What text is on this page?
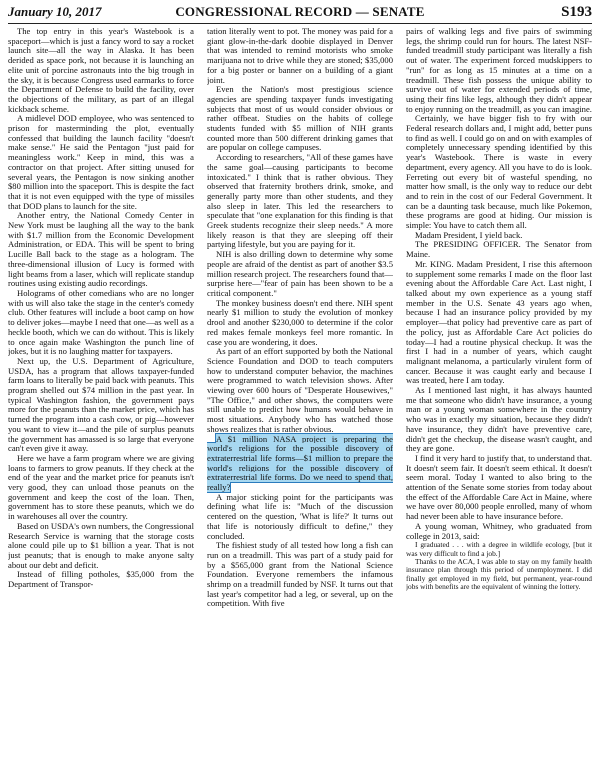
January 10, 2017	CONGRESSIONAL RECORD — SENATE	S193

The top entry in this year's Wastebook is a spaceport—which is just a fancy word to say a rocket launch site—all the way in Alaska. It has been derided as space pork, not because it is launching an elite unit of porcine astronauts into the big trough in the sky, it is because Congress used earmarks to force the Department of Defense to build the facility, over the objections of the military, as part of an illegal kickback scheme.

A midlevel DOD employee, who was sentenced to prison for masterminding the plot, eventually confessed that building the launch facility "doesn't make sense." He said the Pentagon "just paid for meaningless work." Keep in mind, this was a contractor on that project. After sitting unused for several years, the Pentagon is now sinking another $80 million into the spaceport. This is despite the fact that it is not even equipped with the type of missiles that DOD plans to launch for the site.

Another entry, the National Comedy Center in New York must be laughing all the way to the bank with $1.7 million from the Economic Development Administration, or EDA. This will be spent to bring Lucille Ball back to the stage as a hologram. The three-dimensional illusion of Lucy is formed with light beams from a laser, which will replicate standup routines using existing audio recordings.

Holograms of other comedians who are no longer with us will also take the stage in the center's comedy club. Other features will include a boot camp on how to deliver jokes—maybe I need that one—as well as a heckle booth, which we can do without. This is likely to once again make Washington the punch line of jokes, but it is no laughing matter for taxpayers.

Next up, the U.S. Department of Agriculture, USDA, has a program that allows taxpayer-funded farm loans to literally be paid back with peanuts. This program shelled out $74 million in the past year. In typical Washington fashion, the government pays more for the peanuts than the market price, which has turned the program into a cash cow, or pig—however you want to view it—and the pile of surplus peanuts the government has amassed is so large that everyone can't even give it away.

Here we have a farm program where we are giving loans to farmers to grow peanuts. If they check at the end of the year and the market price for peanuts isn't very good, they can unload those peanuts on the government and keep the cost of the loan. Then, government has to store these peanuts, which we do in warehouses all over the country.

Based on USDA's own numbers, the Congressional Research Service is warning that the storage costs alone could pile up to $1 billion a year. That is not just peanuts; that is enough to make anyone salty about our debt and deficit.

Instead of filling potholes, $35,000 from the Department of Transpor-

tation literally went to pot. The money was paid for a giant glow-in-the-dark doobie displayed in Denver that was intended to remind motorists who smoke marijuana not to drive while they are stoned; $35,000 for a big poster or banner on a building of a giant joint.

Even the Nation's most prestigious science agencies are spending taxpayer funds investigating subjects that most of us would consider obvious or rather offbeat. Studies on the habits of college students funded with $5 million of NIH grants counted more than 500 different drinking games that are popular on college campuses.

According to researchers, "All of these games have the same goal—causing participants to become intoxicated." I think that is rather obvious. They observed that fraternity brothers drink, smoke, and generally party more than other students, and they also sleep in later. This led the researchers to speculate that "one explanation for this finding is that Greek students recognize their sleep needs." A more likely reason is that they are sleeping off their partying lifestyle, but you are paying for it.

NIH is also drilling down to determine why some people are afraid of the dentist as part of another $3.5 million research project. The researchers found that—surprise here—"fear of pain has been shown to be a critical component."

The monkey business doesn't end there. NIH spent nearly $1 million to study the evolution of monkey drool and another $230,000 to determine if the color red makes female monkeys feel more romantic. In case you are wondering, it does.

As part of an effort supported by both the National Science Foundation and DOD to teach computers how to understand computer behavior, the machines were programmed to watch television shows. After viewing over 600 hours of "Desperate Housewives," "The Office," and other shows, the computers were still unable to predict how humans would behave in most situations. Anybody who has watched those shows realizes that is rather obvious.

A $1 million NASA project is preparing the world's religions for the possible discovery of extraterrestrial life forms—$1 million to prepare the world's religions for the possible discovery of extraterrestrial life forms. Do we need to spend that, really?

A major sticking point for the participants was defining what life is: "Much of the discussion centered on the question, 'What is life?' It turns out that life is notoriously difficult to define," they concluded.

The fishiest study of all tested how long a fish can run on a treadmill. This was part of a study paid for by a $565,000 grant from the National Science Foundation. Everyone remembers the infamous shrimp on a treadmill funded by NSF. It turns out that last year's competitor had a leg, or several, up on the competition. With five

pairs of walking legs and five pairs of swimming legs, the shrimp could run for hours. The latest NSF-funded treadmill study participant was literally a fish out of water. The experiment forced mudskippers to "run" for as long as 15 minutes at a time on a treadmill. These fish possess the unique ability to survive out of water for extended periods of time, using their fins like legs, although they didn't appear to enjoy running on the treadmill, as you can imagine.

Certainly, we have bigger fish to fry with our Federal research dollars and, I might add, better puns to find as well. I could go on and on with examples of completely unnecessary spending identified by this year's Wastebook. There is waste in every department, every agency. All you have to do is look. Ferreting out every bit of wasteful spending, no matter how small, is the only way to reduce our debt and to rein in the cost of our Federal Government. It can be a daunting task because, much like Pokemon, these programs are good at hiding. Our mission is simple: You have to catch them all.

Madam President, I yield back.

The PRESIDING OFFICER. The Senator from Maine.

Mr. KING. Madam President, I rise this afternoon to supplement some remarks I made on the floor last evening about the Affordable Care Act. Last night, I talked about my own experience as a young staff member in the U.S. Senate 43 years ago when, because I had an insurance policy provided by my employer—that policy had preventive care as part of the policy, just as Affordable Care Act policies do today—I had a routine physical checkup. It was the first I had in a number of years, which caught malignant melanoma, a particularly virulent form of cancer. Because it was caught early and because I was treated, here I am today.

As I mentioned last night, it has always haunted me that someone who didn't have insurance, a young man or a young woman somewhere in the country who was in exactly my situation, because they didn't have insurance, they didn't have preventive care, didn't get the checkup, the disease wasn't caught, and they are gone.

I find it very hard to justify that, to understand that. It doesn't seem fair. It doesn't seem ethical. It doesn't seem moral. Today I wanted to also bring to the attention of the Senate some stories from today about the effect of the Affordable Care Act in Maine, where we have over 80,000 people enrolled, many of whom had never been able to have insurance before.

A young woman, Whitney, who graduated from college in 2013, said:

I graduated . . . with a degree in wildlife ecology, [but it was very difficult to find a job.]

Thanks to the ACA, I was able to stay on my family health insurance plan through this period of unemployment. I did finally get employed in my field, but permanent, year-round jobs with benefits are the equivalent of winning the lottery.
